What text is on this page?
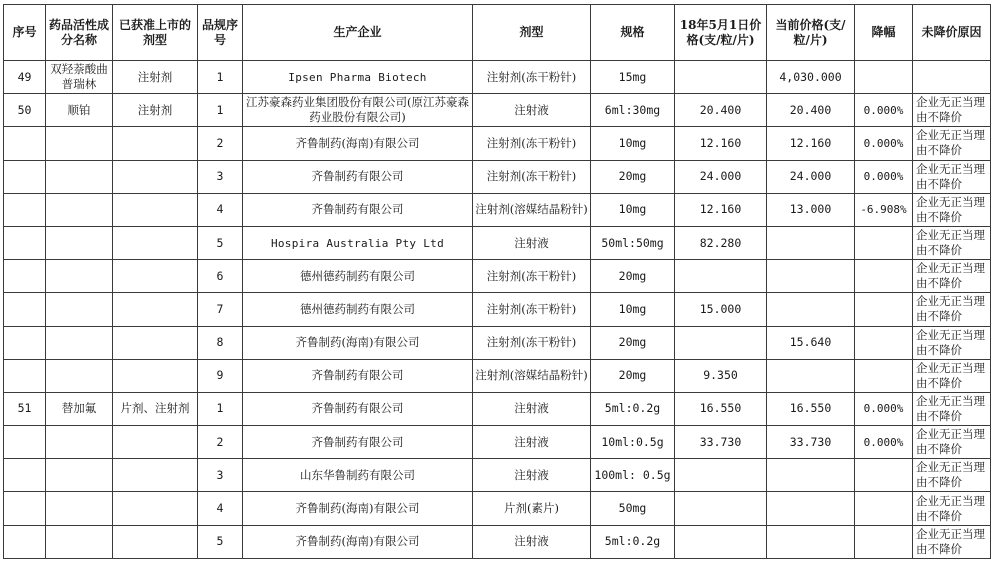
序号	药品活性成分名称	已获准上市的剂型	品规序号	生产企业	剂型	规格	18年5月1日价格(支/粒/片)	当前价格(支/粒/片)	降幅	未降价原因
49	双羟萘酸曲普瑞林	注射剂	1	Ipsen Pharma Biotech	注射剂(冻干粉针)	15mg		4,030.000		
50	顺铂	注射剂	1	江苏豪森药业集团股份有限公司(原江苏豪森药业股份有限公司)	注射液	6ml:30mg	20.400	20.400	0.000%	企业无正当理由不降价
			2	齐鲁制药(海南)有限公司	注射剂(冻干粉针)	10mg	12.160	12.160	0.000%	企业无正当理由不降价
			3	齐鲁制药有限公司	注射剂(冻干粉针)	20mg	24.000	24.000	0.000%	企业无正当理由不降价
			4	齐鲁制药有限公司	注射剂(溶媒结晶粉针)	10mg	12.160	13.000	-6.908%	企业无正当理由不降价
			5	Hospira Australia Pty Ltd	注射液	50ml:50mg	82.280			企业无正当理由不降价
			6	德州德药制药有限公司	注射剂(冻干粉针)	20mg				企业无正当理由不降价
			7	德州德药制药有限公司	注射剂(冻干粉针)	10mg	15.000			企业无正当理由不降价
			8	齐鲁制药(海南)有限公司	注射剂(冻干粉针)	20mg		15.640		企业无正当理由不降价
			9	齐鲁制药有限公司	注射剂(溶媒结晶粉针)	20mg	9.350			企业无正当理由不降价
51	替加氟	片剂、注射剂	1	齐鲁制药有限公司	注射液	5ml:0.2g	16.550	16.550	0.000%	企业无正当理由不降价
			2	齐鲁制药有限公司	注射液	10ml:0.5g	33.730	33.730	0.000%	企业无正当理由不降价
			3	山东华鲁制药有限公司	注射液	100ml: 0.5g				企业无正当理由不降价
			4	齐鲁制药(海南)有限公司	片剂(素片)	50mg				企业无正当理由不降价
			5	齐鲁制药(海南)有限公司	注射液	5ml:0.2g				企业无正当理由不降价
